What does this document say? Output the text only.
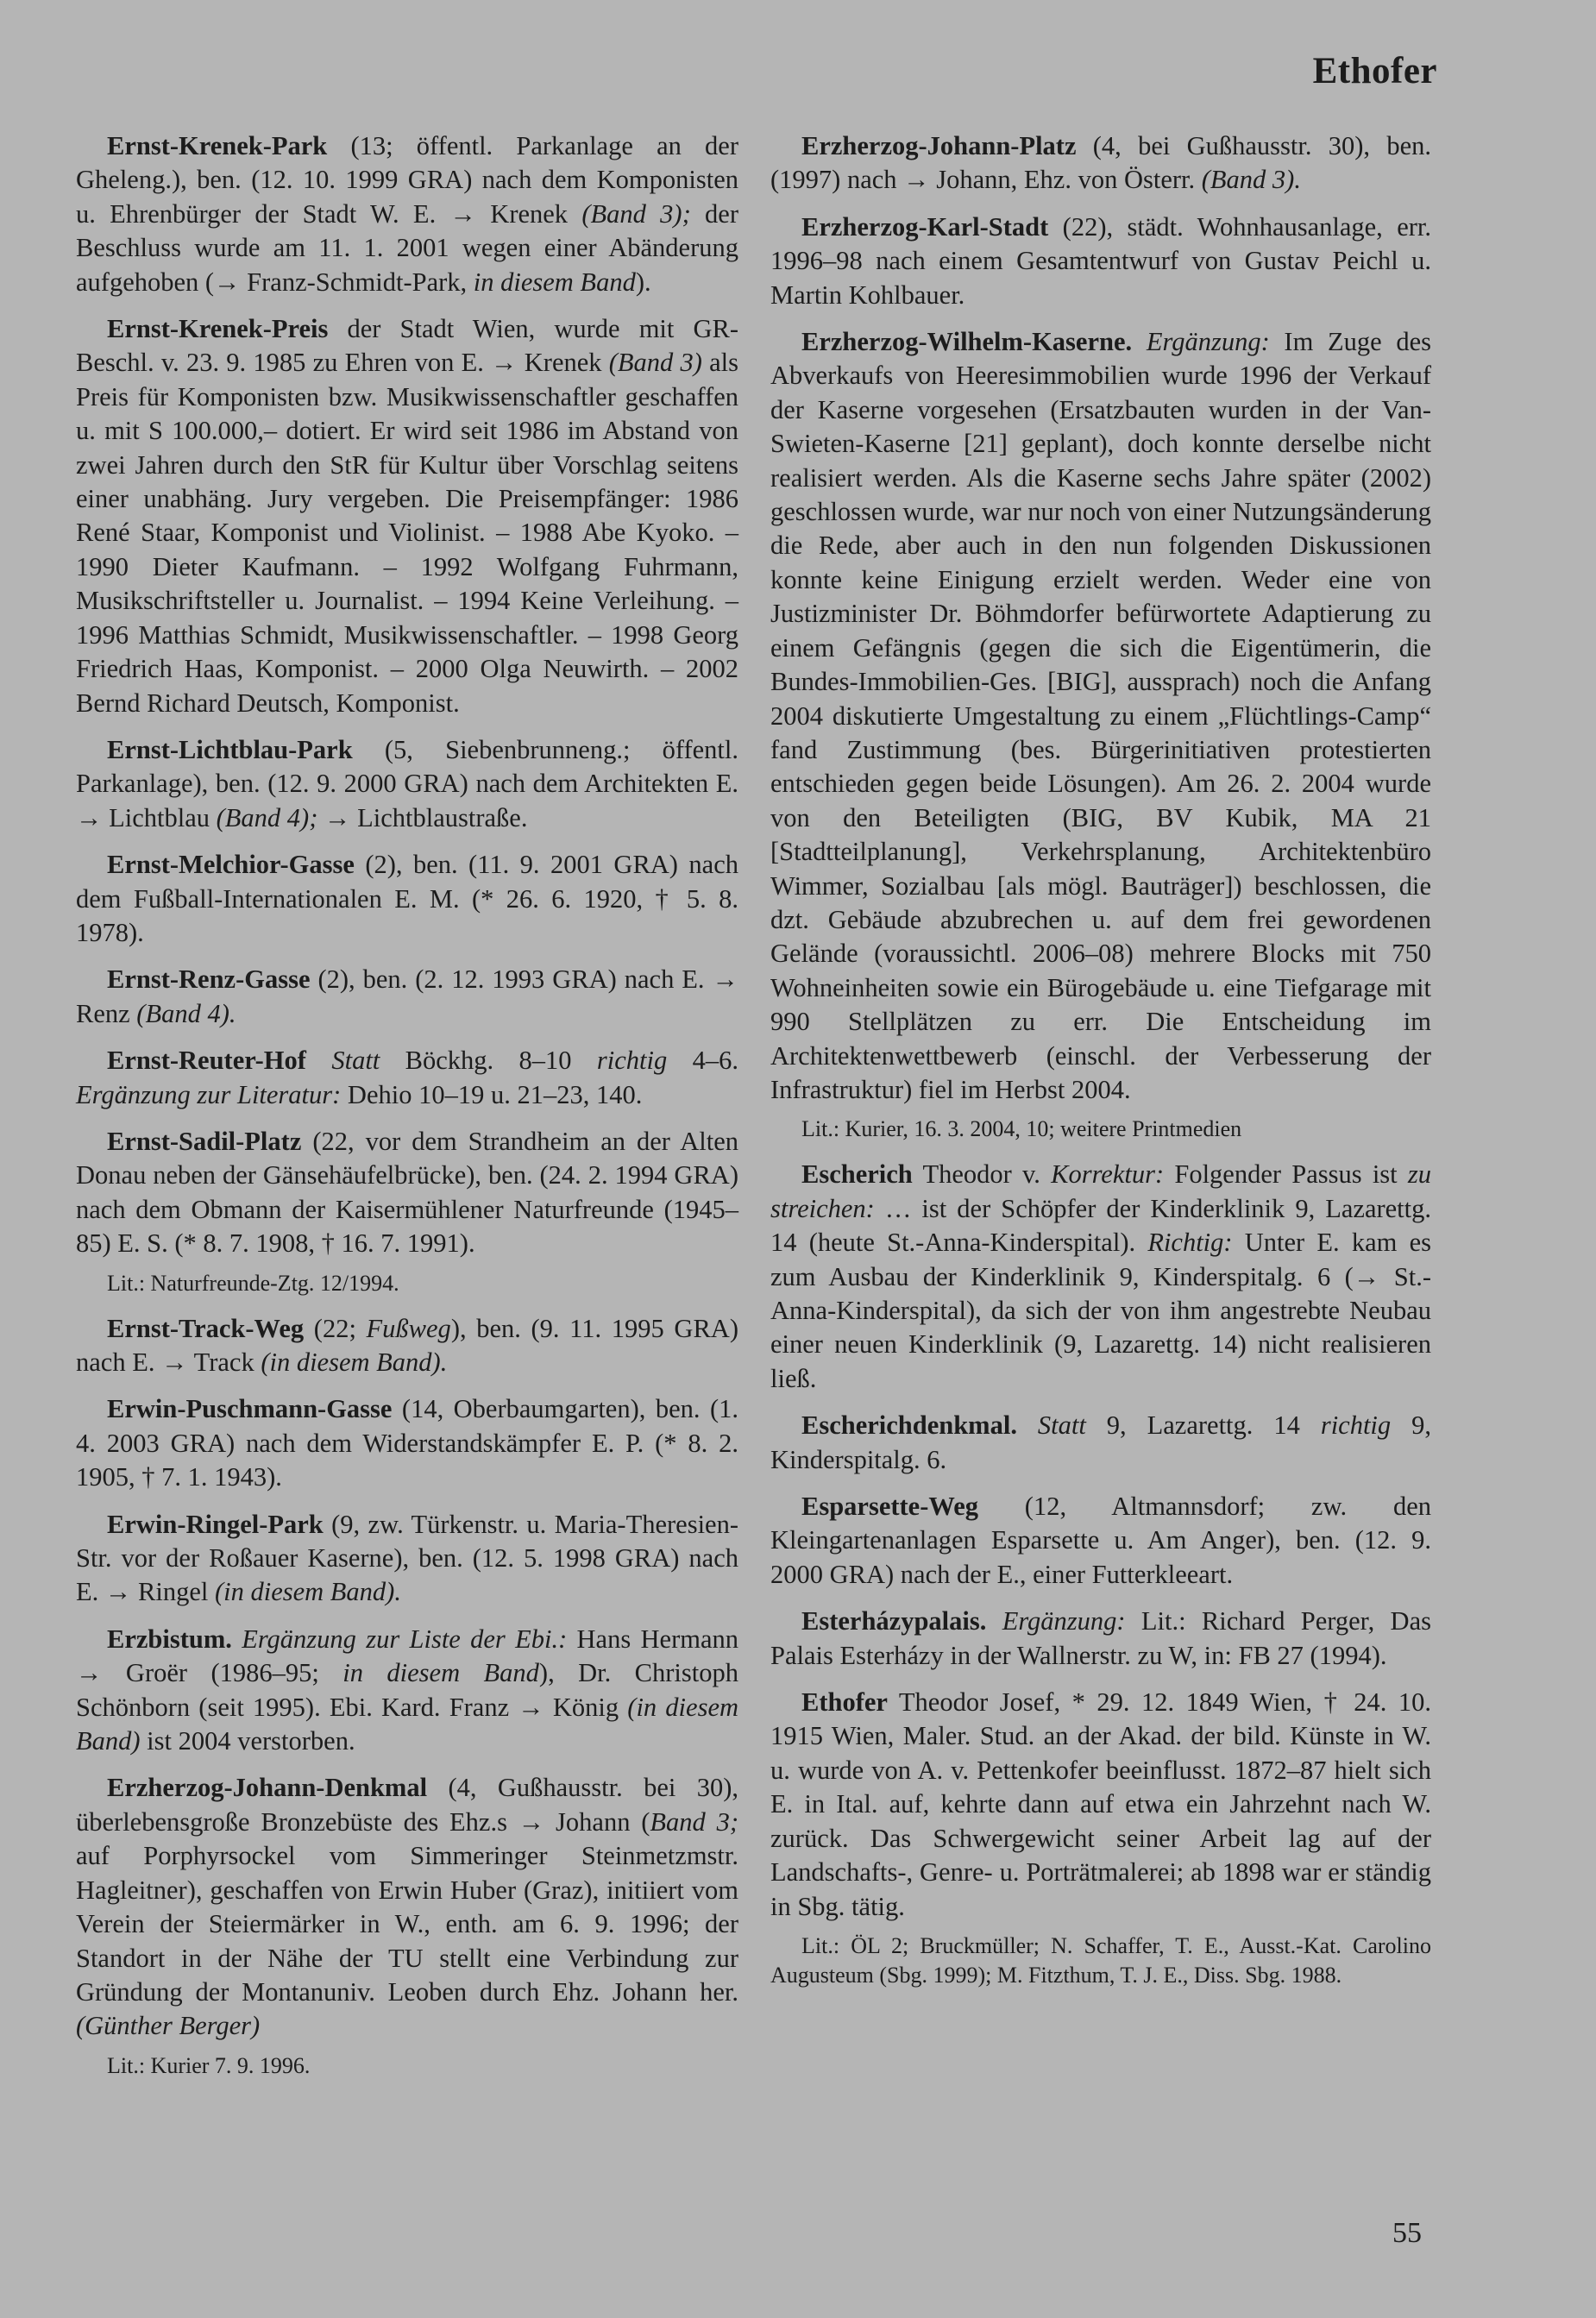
Ethofer

Ernst-Krenek-Park (13; öffentl. Parkanlage an der Gheleng.), ben. (12. 10. 1999 GRA) nach dem Komponisten u. Ehrenbürger der Stadt W. E. → Krenek (Band 3); der Beschluss wurde am 11. 1. 2001 wegen einer Abänderung aufgehoben (→ Franz-Schmidt-Park, in diesem Band).

Ernst-Krenek-Preis der Stadt Wien, wurde mit GR-Beschl. v. 23. 9. 1985 zu Ehren von E. → Krenek (Band 3) als Preis für Komponisten bzw. Musikwissenschaftler geschaffen u. mit S 100.000,– dotiert. Er wird seit 1986 im Abstand von zwei Jahren durch den StR für Kultur über Vorschlag seitens einer unabhäng. Jury vergeben. Die Preisempfänger: 1986 René Staar, Komponist und Violinist. – 1988 Abe Kyoko. – 1990 Dieter Kaufmann. – 1992 Wolfgang Fuhrmann, Musikschriftsteller u. Journalist. – 1994 Keine Verleihung. – 1996 Matthias Schmidt, Musikwissenschaftler. – 1998 Georg Friedrich Haas, Komponist. – 2000 Olga Neuwirth. – 2002 Bernd Richard Deutsch, Komponist.

Ernst-Lichtblau-Park (5, Siebenbrunneng.; öffentl. Parkanlage), ben. (12. 9. 2000 GRA) nach dem Architekten E. → Lichtblau (Band 4); → Lichtblaustraße.

Ernst-Melchior-Gasse (2), ben. (11. 9. 2001 GRA) nach dem Fußball-Internationalen E. M. (* 26. 6. 1920, † 5. 8. 1978).

Ernst-Renz-Gasse (2), ben. (2. 12. 1993 GRA) nach E. → Renz (Band 4).

Ernst-Reuter-Hof Statt Böckhg. 8–10 richtig 4–6. Ergänzung zur Literatur: Dehio 10–19 u. 21–23, 140.

Ernst-Sadil-Platz (22, vor dem Strandheim an der Alten Donau neben der Gänsehäufelbrücke), ben. (24. 2. 1994 GRA) nach dem Obmann der Kaisermühlener Naturfreunde (1945–85) E. S. (* 8. 7. 1908, † 16. 7. 1991).

Lit.: Naturfreunde-Ztg. 12/1994.

Ernst-Track-Weg (22; Fußweg), ben. (9. 11. 1995 GRA) nach E. → Track (in diesem Band).

Erwin-Puschmann-Gasse (14, Oberbaumgarten), ben. (1. 4. 2003 GRA) nach dem Widerstandskämpfer E. P. (* 8. 2. 1905, † 7. 1. 1943).

Erwin-Ringel-Park (9, zw. Türkenstr. u. Maria-Theresien-Str. vor der Roßauer Kaserne), ben. (12. 5. 1998 GRA) nach E. → Ringel (in diesem Band).

Erzbistum. Ergänzung zur Liste der Ebi.: Hans Hermann → Groër (1986–95; in diesem Band), Dr. Christoph Schönborn (seit 1995). Ebi. Kard. Franz → König (in diesem Band) ist 2004 verstorben.

Erzherzog-Johann-Denkmal (4, Gußhausstr. bei 30), überlebensgroße Bronzebüste des Ehz.s → Johann (Band 3; auf Porphyrsockel vom Simmeringer Steinmetzmstr. Hagleitner), geschaffen von Erwin Huber (Graz), initiiert vom Verein der Steiermärker in W., enth. am 6. 9. 1996; der Standort in der Nähe der TU stellt eine Verbindung zur Gründung der Montanuniv. Leoben durch Ehz. Johann her. (Günther Berger)

Lit.: Kurier 7. 9. 1996.

Erzherzog-Johann-Platz (4, bei Gußhausstr. 30), ben. (1997) nach → Johann, Ehz. von Österr. (Band 3).

Erzherzog-Karl-Stadt (22), städt. Wohnhausanlage, err. 1996–98 nach einem Gesamtentwurf von Gustav Peichl u. Martin Kohlbauer.

Erzherzog-Wilhelm-Kaserne. Ergänzung: Im Zuge des Abverkaufs von Heeresimmobilien wurde 1996 der Verkauf der Kaserne vorgesehen (Ersatzbauten wurden in der Van-Swieten-Kaserne [21] geplant), doch konnte derselbe nicht realisiert werden. Als die Kaserne sechs Jahre später (2002) geschlossen wurde, war nur noch von einer Nutzungsänderung die Rede, aber auch in den nun folgenden Diskussionen konnte keine Einigung erzielt werden. Weder eine von Justizminister Dr. Böhmdorfer befürwortete Adaptierung zu einem Gefängnis (gegen die sich die Eigentümerin, die Bundes-Immobilien-Ges. [BIG], aussprach) noch die Anfang 2004 diskutierte Umgestaltung zu einem „Flüchtlings-Camp“ fand Zustimmung (bes. Bürgerinitiativen protestierten entschieden gegen beide Lösungen). Am 26. 2. 2004 wurde von den Beteiligten (BIG, BV Kubik, MA 21 [Stadtteilplanung], Verkehrsplanung, Architektenbüro Wimmer, Sozialbau [als mögl. Bauträger]) beschlossen, die dzt. Gebäude abzubrechen u. auf dem frei gewordenen Gelände (voraussichtl. 2006–08) mehrere Blocks mit 750 Wohneinheiten sowie ein Bürogebäude u. eine Tiefgarage mit 990 Stellplätzen zu err. Die Entscheidung im Architektenwettbewerb (einschl. der Verbesserung der Infrastruktur) fiel im Herbst 2004.

Lit.: Kurier, 16. 3. 2004, 10; weitere Printmedien

Escherich Theodor v. Korrektur: Folgender Passus ist zu streichen: … ist der Schöpfer der Kinderklinik 9, Lazarettg. 14 (heute St.-Anna-Kinderspital). Richtig: Unter E. kam es zum Ausbau der Kinderklinik 9, Kinderspitalg. 6 (→ St.-Anna-Kinderspital), da sich der von ihm angestrebte Neubau einer neuen Kinderklinik (9, Lazarettg. 14) nicht realisieren ließ.

Escherichdenkmal. Statt 9, Lazarettg. 14 richtig 9, Kinderspitalg. 6.

Esparsette-Weg (12, Altmannsdorf; zw. den Kleingartenanlagen Esparsette u. Am Anger), ben. (12. 9. 2000 GRA) nach der E., einer Futterkleeart.

Esterházypalais. Ergänzung: Lit.: Richard Perger, Das Palais Esterházy in der Wallnerstr. zu W, in: FB 27 (1994).

Ethofer Theodor Josef, * 29. 12. 1849 Wien, † 24. 10. 1915 Wien, Maler. Stud. an der Akad. der bild. Künste in W. u. wurde von A. v. Pettenkofer beeinflusst. 1872–87 hielt sich E. in Ital. auf, kehrte dann auf etwa ein Jahrzehnt nach W. zurück. Das Schwergewicht seiner Arbeit lag auf der Landschafts-, Genre- u. Porträtmalerei; ab 1898 war er ständig in Sbg. tätig.

Lit.: ÖL 2; Bruckmüller; N. Schaffer, T. E., Ausst.-Kat. Carolino Augusteum (Sbg. 1999); M. Fitzthum, T. J. E., Diss. Sbg. 1988.

55
